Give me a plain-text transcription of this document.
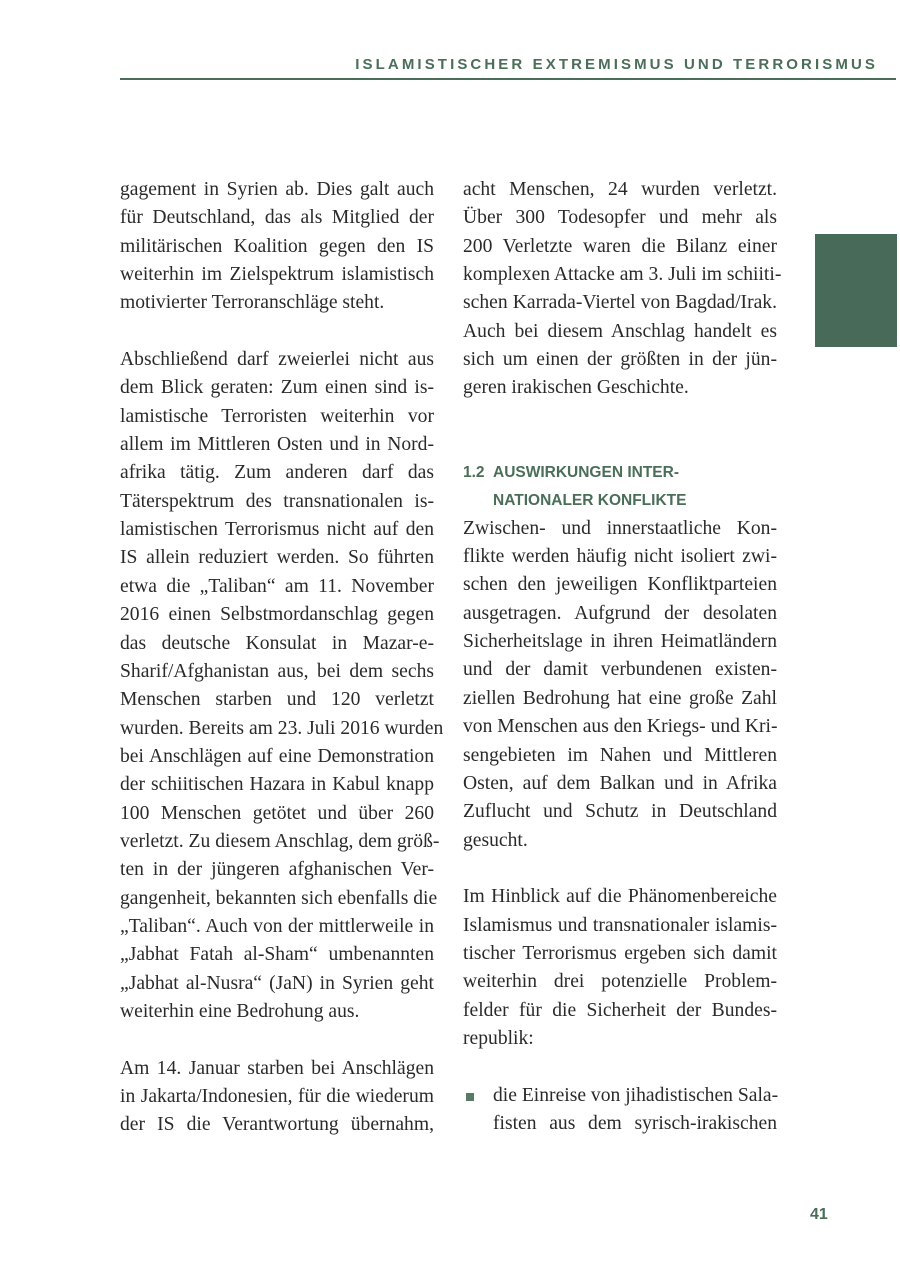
ISLAMISTISCHER EXTREMISMUS UND TERRORISMUS
gagement in Syrien ab. Dies galt auch
für Deutschland, das als Mitglied der
militärischen Koalition gegen den IS
weiterhin im Zielspektrum islamistisch
motivierter Terroranschläge steht.
Abschließend darf zweierlei nicht aus
dem Blick geraten: Zum einen sind is-
lamistische Terroristen weiterhin vor
allem im Mittleren Osten und in Nord-
afrika tätig. Zum anderen darf das
Täterspektrum des transnationalen is-
lamistischen Terrorismus nicht auf den
IS allein reduziert werden. So führten
etwa die „Taliban“ am 11. November
2016 einen Selbstmordanschlag gegen
das deutsche Konsulat in Mazar-e-
Sharif/Afghanistan aus, bei dem sechs
Menschen starben und 120 verletzt
wurden. Bereits am 23. Juli 2016 wurden
bei Anschlägen auf eine Demonstration
der schiitischen Hazara in Kabul knapp
100 Menschen getötet und über 260
verletzt. Zu diesem Anschlag, dem größ-
ten in der jüngeren afghanischen Ver-
gangenheit, bekannten sich ebenfalls die
„Taliban“. Auch von der mittlerweile in
„Jabhat Fatah al-Sham“ umbenannten
„Jabhat al-Nusra“ (JaN) in Syrien geht
weiterhin eine Bedrohung aus.
Am 14. Januar starben bei Anschlägen
in Jakarta/Indonesien, für die wiederum
der IS die Verantwortung übernahm,
acht Menschen, 24 wurden verletzt.
Über 300 Todesopfer und mehr als
200 Verletzte waren die Bilanz einer
komplexen Attacke am 3. Juli im schiiti-
schen Karrada-Viertel von Bagdad/Irak.
Auch bei diesem Anschlag handelt es
sich um einen der größten in der jün-
geren irakischen Geschichte.
1.2 AUSWIRKUNGEN INTER-
NATIONALER KONFLIKTE
Zwischen- und innerstaatliche Kon-
flikte werden häufig nicht isoliert zwi-
schen den jeweiligen Konfliktparteien
ausgetragen. Aufgrund der desolaten
Sicherheitslage in ihren Heimatländern
und der damit verbundenen existen-
ziellen Bedrohung hat eine große Zahl
von Menschen aus den Kriegs- und Kri-
sengebieten im Nahen und Mittleren
Osten, auf dem Balkan und in Afrika
Zuflucht und Schutz in Deutschland
gesucht.
Im Hinblick auf die Phänomenbereiche
Islamismus und transnationaler islamis-
tischer Terrorismus ergeben sich damit
weiterhin drei potenzielle Problem-
felder für die Sicherheit der Bundes-
republik:
die Einreise von jihadistischen Sala-
fisten aus dem syrisch-irakischen
41
